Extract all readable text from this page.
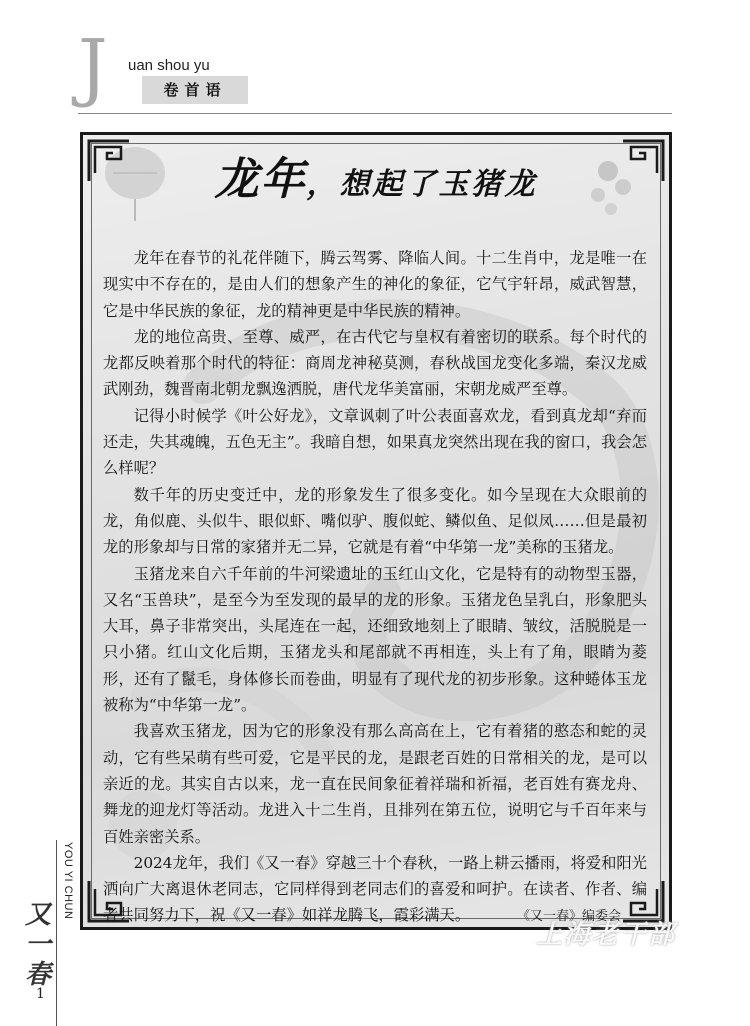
J uan shou yu
卷首语
龙年，想起了玉猪龙

龙年在春节的礼花伴随下，腾云驾雾、降临人间。十二生肖中，龙是唯一在现实中不存在的，是由人们的想象产生的神化的象征，它气宇轩昂，威武智慧，它是中华民族的象征，龙的精神更是中华民族的精神。

龙的地位高贵、至尊、威严，在古代它与皇权有着密切的联系。每个时代的龙都反映着那个时代的特征：商周龙神秘莫测，春秋战国龙变化多端，秦汉龙威武刚劲，魏晋南北朝龙飘逸洒脱，唐代龙华美富丽，宋朝龙威严至尊。

记得小时候学《叶公好龙》，文章讽刺了叶公表面喜欢龙，看到真龙却“弃而还走，失其魂魄，五色无主”。我暗自想，如果真龙突然出现在我的窗口，我会怎么样呢？

数千年的历史变迁中，龙的形象发生了很多变化。如今呈现在大众眼前的龙，角似鹿、头似牛、眼似虾、嘴似驴、腹似蛇、鳞似鱼、足似凤……但是最初龙的形象却与日常的家猪并无二异，它就是有着“中华第一龙”美称的玉猪龙。

玉猪龙来自六千年前的牛河梁遗址的玉红山文化，它是特有的动物型玉器，又名“玉兽玦”，是至今为至发现的最早的龙的形象。玉猪龙色呈乳白，形象肥头大耳，鼻子非常突出，头尾连在一起，还细致地刻上了眼睛、皱纹，活脱脱是一只小猪。红山文化后期，玉猪龙头和尾部就不再相连，头上有了角，眼睛为菱形，还有了鬣毛，身体修长而卷曲，明显有了现代龙的初步形象。这种蜷体玉龙被称为“中华第一龙”。

我喜欢玉猪龙，因为它的形象没有那么高高在上，它有着猪的憨态和蛇的灵动，它有些呆萌有些可爱，它是平民的龙，是跟老百姓的日常相关的龙，是可以亲近的龙。其实自古以来，龙一直在民间象征着祥瑞和祈福，老百姓有赛龙舟、舞龙的迎龙灯等活动。龙进入十二生肖，且排列在第五位，说明它与千百年来与百姓亲密关系。

2024龙年，我们《又一春》穿越三十个春秋，一路上耕云播雨，将爱和阳光洒向广大离退休老同志，它同样得到老同志们的喜爱和呵护。在读者、作者、编者共同努力下，祝《又一春》如祥龙腾飞，霞彩满天。	《又一春》编委会
YOU YI CHUN
又一春
1
上海老干部
